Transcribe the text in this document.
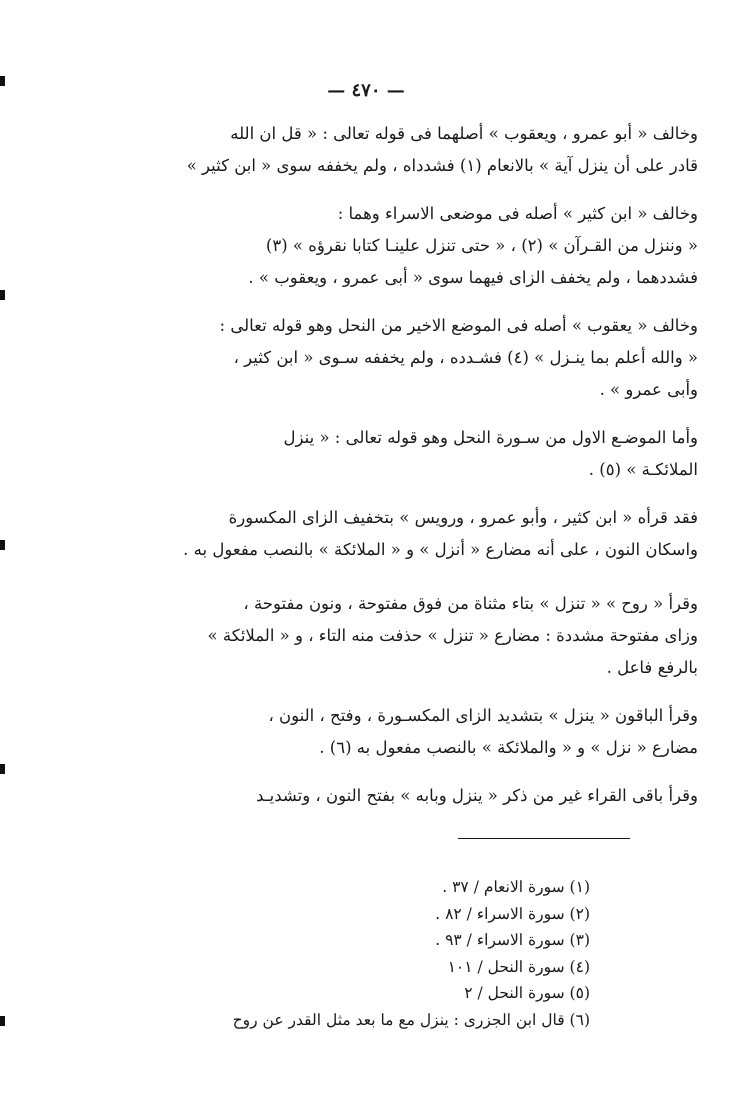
— ٤٧٠ —
وخالف « أبو عمرو ، ويعقوب » أصلهما فى قوله تعالى : « قل ان الله
قادر على أن ينزل آية » بالانعام (١) فشدداه ، ولم يخففه سوى « ابن كثير »
وخالف « ابن كثير » أصله فى موضعى الاسراء وهما :
« وننزل من القـرآن » (٢) ، « حتى تنزل علينـا كتابا نقرؤه » (٣)
فشددهما ، ولم يخفف الزاى فيهما سوى « أبى عمرو ، ويعقوب » .
وخالف « يعقوب » أصله فى الموضع الاخير من النحل وهو قوله تعالى :
« والله أعلم بما ينـزل » (٤) فشـدده ، ولم يخففه سـوى « ابن كثير ،
وأبى عمرو » .
وأما الموضـع الاول من سـورة النحل وهو قوله تعالى : « ينزل
الملائكـة » (٥) .
فقد قرأه « ابن كثير ، وأبو عمرو ، ورويس » بتخفيف الزاى المكسورة
واسكان النون ، على أنه مضارع « أنزل » و « الملائكة » بالنصب مفعول به .
وقرأ « روح » « تنزل » بتاء مثناة من فوق مفتوحة ، ونون مفتوحة ،
وزاى مفتوحة مشددة : مضارع « تنزل » حذفت منه التاء ، و « الملائكة »
بالرفع فاعل .
وقرأ الباقون « ينزل » بتشديد الزاى المكسـورة ، وفتح ، النون ،
مضارع « نزل » و « والملائكة » بالنصب مفعول به (٦) .
وقرأ باقى القراء غير من ذكر « ينزل وبابه » بفتح النون ، وتشديـد
(١) سورة الانعام / ٣٧ .
(٢) سورة الاسراء / ٨٢ .
(٣) سورة الاسراء / ٩٣ .
(٤) سورة النحل / ١٠١
(٥) سورة النحل / ٢
(٦) قال ابن الجزرى : ينزل مع ما بعد مثل القدر عن روح
